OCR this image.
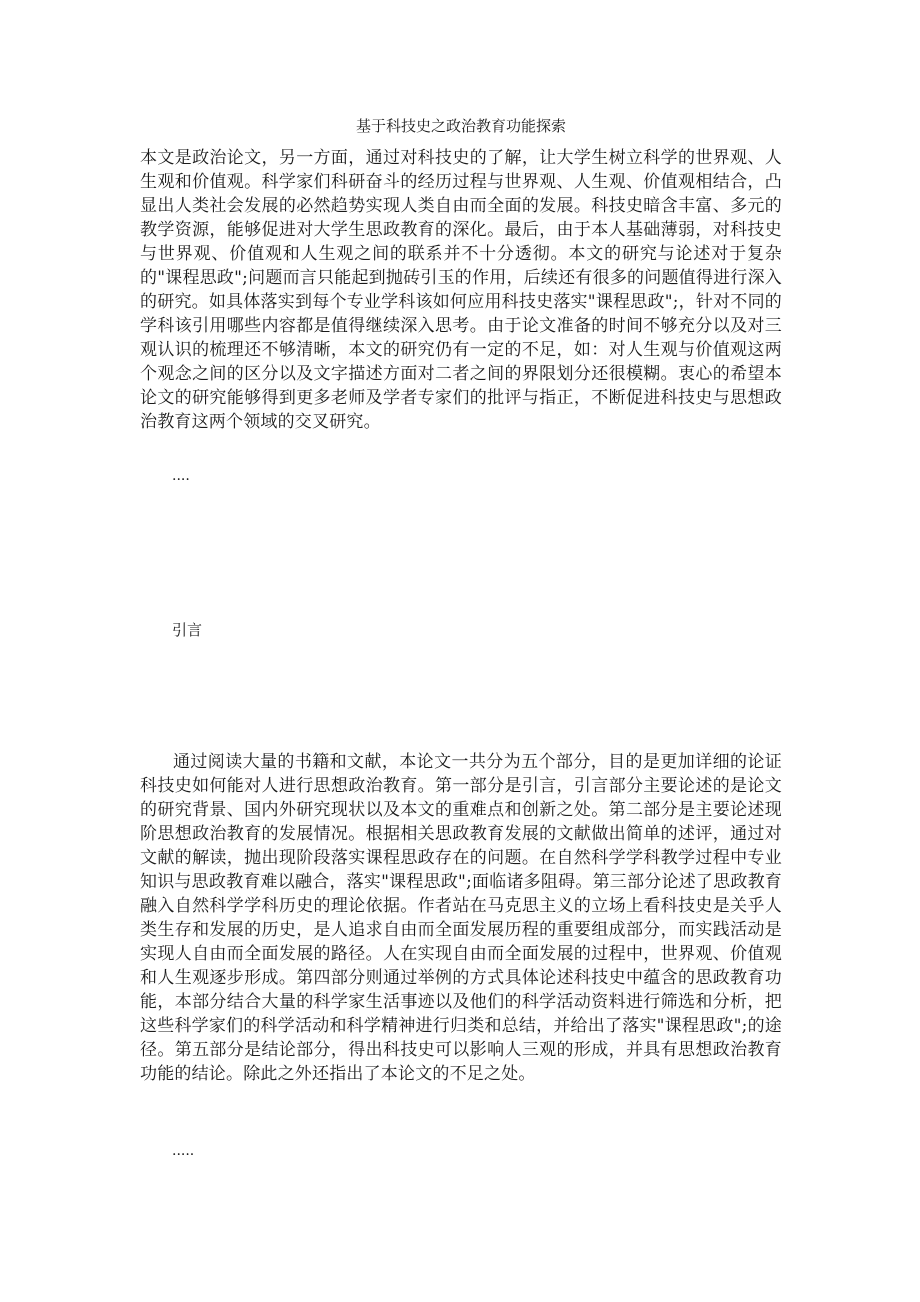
基于科技史之政治教育功能探索
本文是政治论文，另一方面，通过对科技史的了解，让大学生树立科学的世界观、人生观和价值观。科学家们科研奋斗的经历过程与世界观、人生观、价值观相结合，凸显出人类社会发展的必然趋势实现人类自由而全面的发展。科技史暗含丰富、多元的教学资源，能够促进对大学生思政教育的深化。最后，由于本人基础薄弱，对科技史与世界观、价值观和人生观之间的联系并不十分透彻。本文的研究与论述对于复杂的"课程思政";问题而言只能起到抛砖引玉的作用，后续还有很多的问题值得进行深入的研究。如具体落实到每个专业学科该如何应用科技史落实"课程思政";，针对不同的学科该引用哪些内容都是值得继续深入思考。由于论文准备的时间不够充分以及对三观认识的梳理还不够清晰，本文的研究仍有一定的不足，如：对人生观与价值观这两个观念之间的区分以及文字描述方面对二者之间的界限划分还很模糊。衷心的希望本论文的研究能够得到更多老师及学者专家们的批评与指正，不断促进科技史与思想政治教育这两个领域的交叉研究。
....
引言
通过阅读大量的书籍和文献，本论文一共分为五个部分，目的是更加详细的论证科技史如何能对人进行思想政治教育。第一部分是引言，引言部分主要论述的是论文的研究背景、国内外研究现状以及本文的重难点和创新之处。第二部分是主要论述现阶思想政治教育的发展情况。根据相关思政教育发展的文献做出简单的述评，通过对文献的解读，抛出现阶段落实课程思政存在的问题。在自然科学学科教学过程中专业知识与思政教育难以融合，落实"课程思政";面临诸多阻碍。第三部分论述了思政教育融入自然科学学科历史的理论依据。作者站在马克思主义的立场上看科技史是关乎人类生存和发展的历史，是人追求自由而全面发展历程的重要组成部分，而实践活动是实现人自由而全面发展的路径。人在实现自由而全面发展的过程中，世界观、价值观和人生观逐步形成。第四部分则通过举例的方式具体论述科技史中蕴含的思政教育功能，本部分结合大量的科学家生活事迹以及他们的科学活动资料进行筛选和分析，把这些科学家们的科学活动和科学精神进行归类和总结，并给出了落实"课程思政";的途径。第五部分是结论部分，得出科技史可以影响人三观的形成，并具有思想政治教育功能的结论。除此之外还指出了本论文的不足之处。
.....
